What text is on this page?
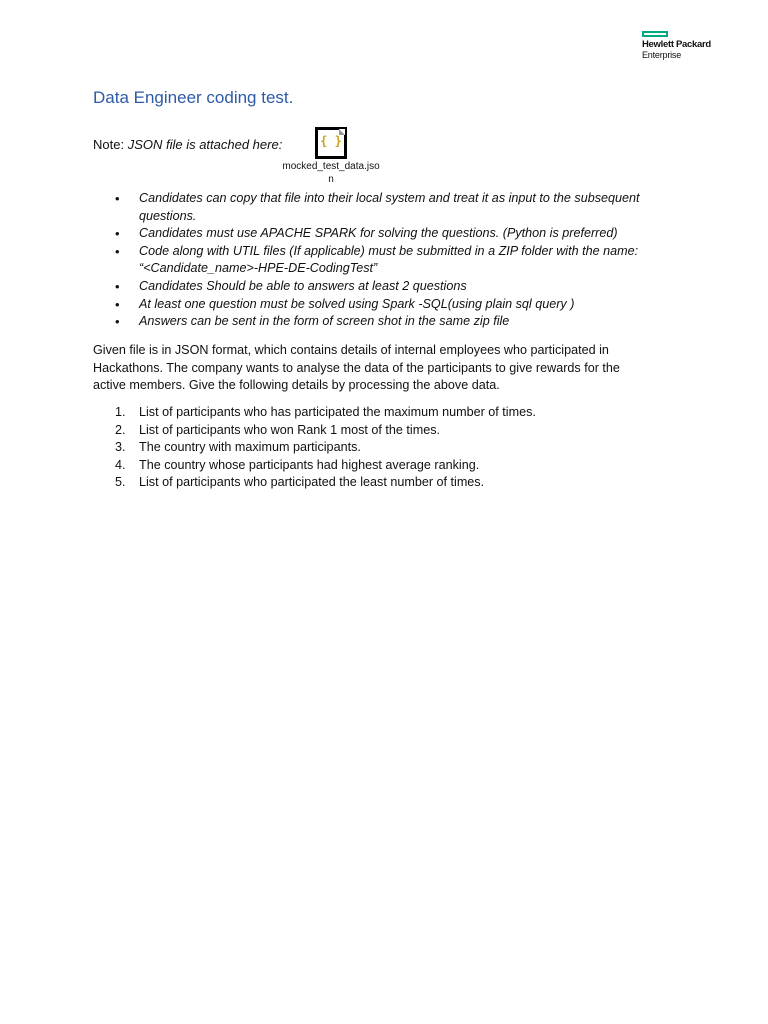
Hewlett Packard
Enterprise
Data Engineer coding test.
Note: JSON file is attached here:	{ }
mocked_test_data.json
• Candidates can copy that file into their local system and treat it as input to the subsequent questions.
• Candidates must use APACHE SPARK for solving the questions. (Python is preferred)
• Code along with UTIL files (If applicable) must be submitted in a ZIP folder with the name: “<Candidate_name>-HPE-DE-CodingTest”
• Candidates Should be able to answers at least 2 questions
• At least one question must be solved using Spark -SQL(using plain sql query )
• Answers can be sent in the form of screen shot in the same zip file
Given file is in JSON format, which contains details of internal employees who participated in Hackathons. The company wants to analyse the data of the participants to give rewards for the active members. Give the following details by processing the above data.
1. List of participants who has participated the maximum number of times.
2. List of participants who won Rank 1 most of the times.
3. The country with maximum participants.
4. The country whose participants had highest average ranking.
5. List of participants who participated the least number of times.
